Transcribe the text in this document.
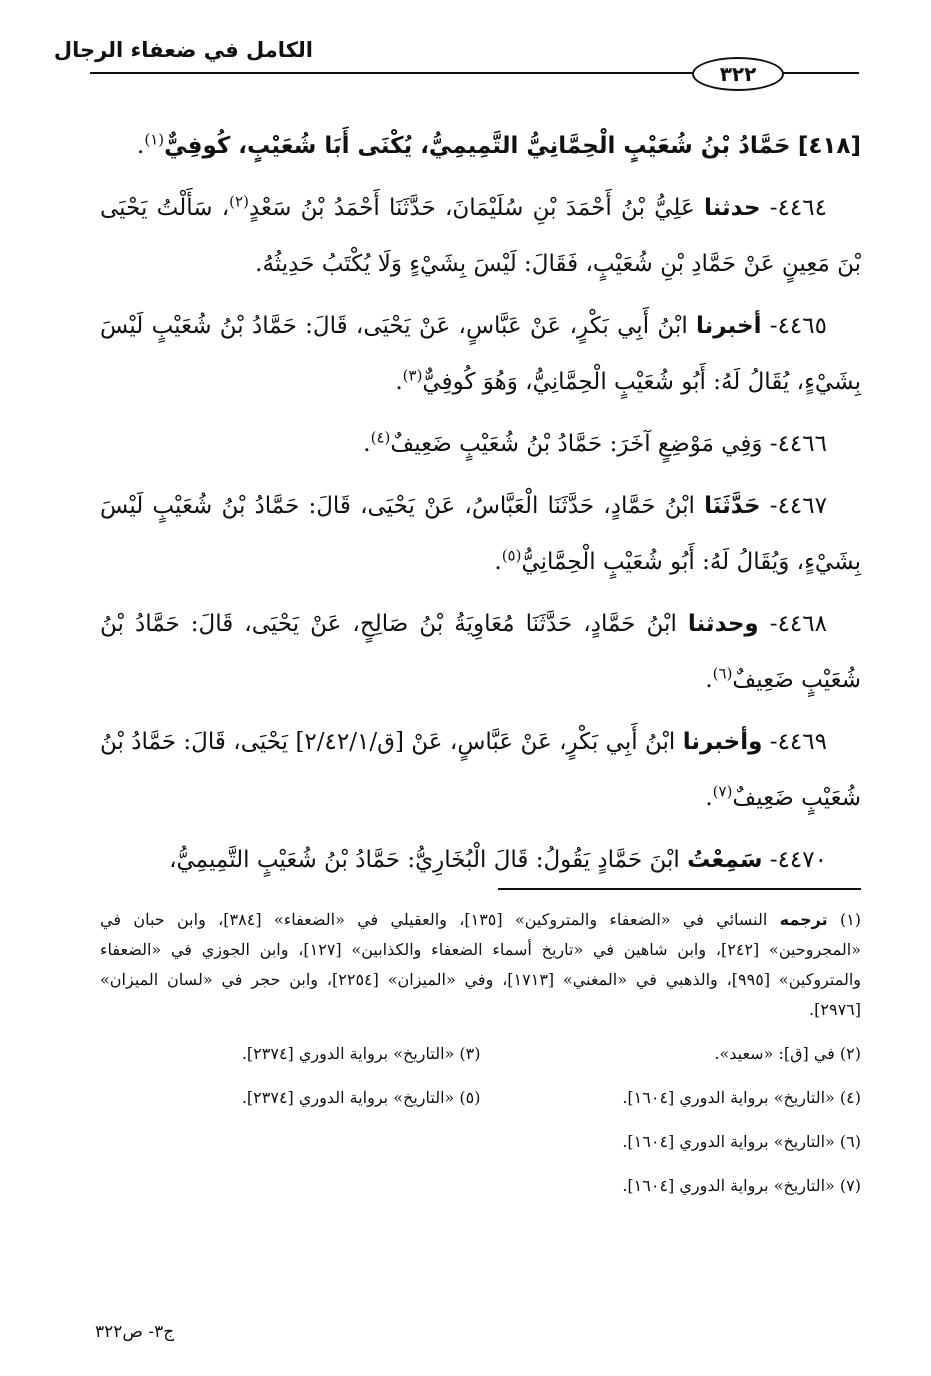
الكامل في ضعفاء الرجال
٣٢٢

[٤١٨] حَمَّادُ بْنُ شُعَيْبٍ الْحِمَّانِيُّ التَّمِيمِيُّ، يُكْنَى أَبَا شُعَيْبٍ، كُوفِيٌّ$^{(١)}$.

٤٤٦٤- حدثنا عَلِيُّ بْنُ أَحْمَدَ بْنِ سُلَيْمَانَ، حَدَّثَنَا أَحْمَدُ بْنُ سَعْدٍ$^{(٢)}$، سَأَلْتُ يَحْيَى بْنَ مَعِينٍ عَنْ حَمَّادِ بْنِ شُعَيْبٍ، فَقَالَ: لَيْسَ بِشَيْءٍ وَلَا يُكْتَبُ حَدِيثُهُ.

٤٤٦٥- أخبرنا ابْنُ أَبِي بَكْرٍ، عَنْ عَبَّاسٍ، عَنْ يَحْيَى، قَالَ: حَمَّادُ بْنُ شُعَيْبٍ لَيْسَ بِشَيْءٍ، يُقَالُ لَهُ: أَبُو شُعَيْبٍ الْحِمَّانِيُّ، وَهُوَ كُوفِيٌّ$^{(٣)}$.

٤٤٦٦- وَفِي مَوْضِعٍ آخَرَ: حَمَّادُ بْنُ شُعَيْبٍ ضَعِيفٌ$^{(٤)}$.

٤٤٦٧- حَدَّثَنَا ابْنُ حَمَّادٍ، حَدَّثَنَا الْعَبَّاسُ، عَنْ يَحْيَى، قَالَ: حَمَّادُ بْنُ شُعَيْبٍ لَيْسَ بِشَيْءٍ، وَيُقَالُ لَهُ: أَبُو شُعَيْبٍ الْحِمَّانِيُّ$^{(٥)}$.

٤٤٦٨- وحدثنا ابْنُ حَمَّادٍ، حَدَّثَنَا مُعَاوِيَةُ بْنُ صَالِحٍ، عَنْ يَحْيَى، قَالَ: حَمَّادُ بْنُ شُعَيْبٍ ضَعِيفٌ$^{(٦)}$.

٤٤٦٩- وأخبرنا ابْنُ أَبِي بَكْرٍ، عَنْ عَبَّاسٍ، عَنْ [ق/٢/٤٢/١] يَحْيَى، قَالَ: حَمَّادُ بْنُ شُعَيْبٍ ضَعِيفٌ$^{(٧)}$.

٤٤٧٠- سَمِعْتُ ابْنَ حَمَّادٍ يَقُولُ: قَالَ الْبُخَارِيُّ: حَمَّادُ بْنُ شُعَيْبٍ التَّمِيمِيُّ،

(١) ترجمه النسائي في «الضعفاء والمتروكين» [١٣٥]، والعقيلي في «الضعفاء» [٣٨٤]، وابن حبان في «المجروحين» [٢٤٢]، وابن شاهين في «تاريخ أسماء الضعفاء والكذابين» [١٢٧]، وابن الجوزي في «الضعفاء والمتروكين» [٩٩٥]، والذهبي في «المغني» [١٧١٣]، وفي «الميزان» [٢٢٥٤]، وابن حجر في «لسان الميزان» [٢٩٧٦].

(٢) في [ق]: «سعيد».
(٣) «التاريخ» برواية الدوري [٢٣٧٤].
(٤) «التاريخ» برواية الدوري [١٦٠٤].
(٥) «التاريخ» برواية الدوري [٢٣٧٤].
(٦) «التاريخ» برواية الدوري [١٦٠٤].
(٧) «التاريخ» برواية الدوري [١٦٠٤].
ج٣- ص٣٢٢
